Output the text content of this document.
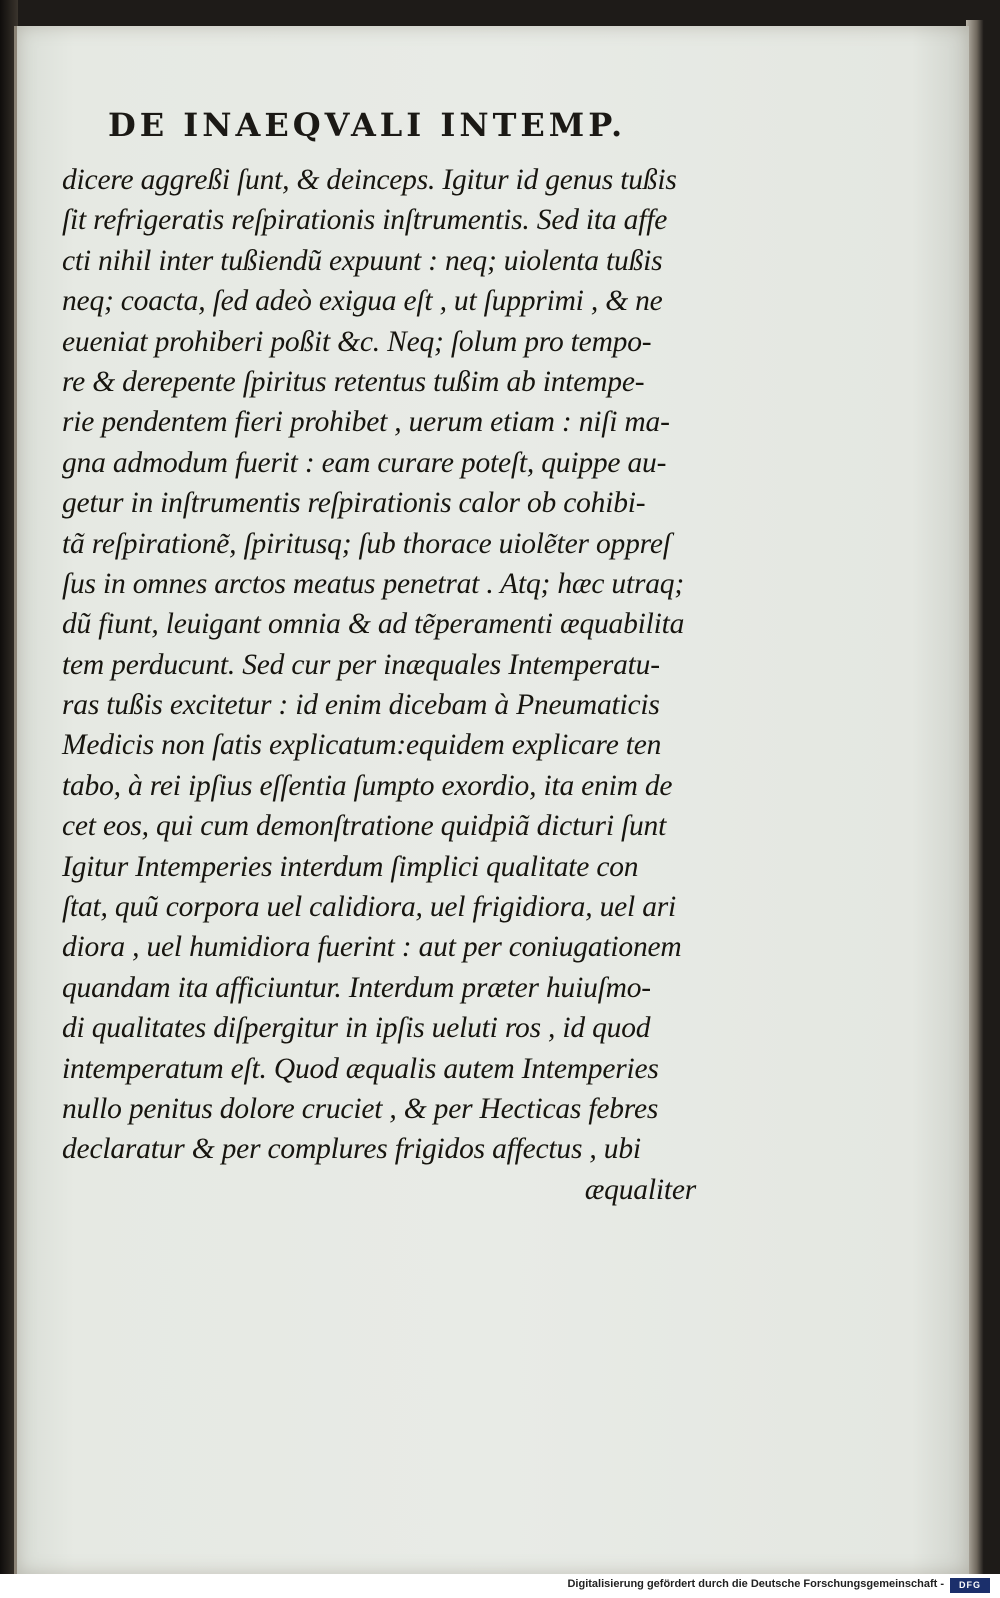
DE INAEQVALI INTEMP.
dicere aggreßi ſunt, & deinceps. Igitur id genus tußis
ſit refrigeratis reſpirationis inſtrumentis. Sed ita affe
cti nihil inter tußiendũ expuunt : neq; uiolenta tußis
neq; coacta, ſed adeò exigua eſt , ut ſupprimi , & ne
eueniat prohiberi poßit &c. Neq; ſolum pro tempo-
re & derepente ſpiritus retentus tußim ab intempe-
rie pendentem fieri prohibet , uerum etiam : niſi ma-
gna admodum fuerit : eam curare poteſt, quippe au-
getur in inſtrumentis reſpirationis calor ob cohibi-
tã reſpiratione͂, ſpiritusq; ſub thorace uiole͂ter oppreſ
ſus in omnes arctos meatus penetrat . Atq; hæc utraq;
dũ fiunt, leuigant omnia & ad te͂peramenti æquabilita
tem perducunt. Sed cur per inæquales Intemperatu-
ras tußis excitetur : id enim dicebam à Pneumaticis
Medicis non ſatis explicatum:equidem explicare ten
tabo, à rei ipſius eſſentia ſumpto exordio, ita enim de
cet eos, qui cum demonſtratione quidpiã dicturi ſunt
Igitur Intemperies interdum ſimplici qualitate con
ſtat, quũ corpora uel calidiora, uel frigidiora, uel ari
diora , uel humidiora fuerint : aut per coniugationem
quandam ita afficiuntur. Interdum præter huiuſmo-
di qualitates diſpergitur in ipſis ueluti ros , id quod
intemperatum eſt. Quod æqualis autem Intemperies
nullo penitus dolore cruciet , & per Hecticas febres
declaratur & per complures frigidos affectus , ubi
æqualiter
Digitalisierung gefördert durch die Deutsche Forschungsgemeinschaft -	DFG
